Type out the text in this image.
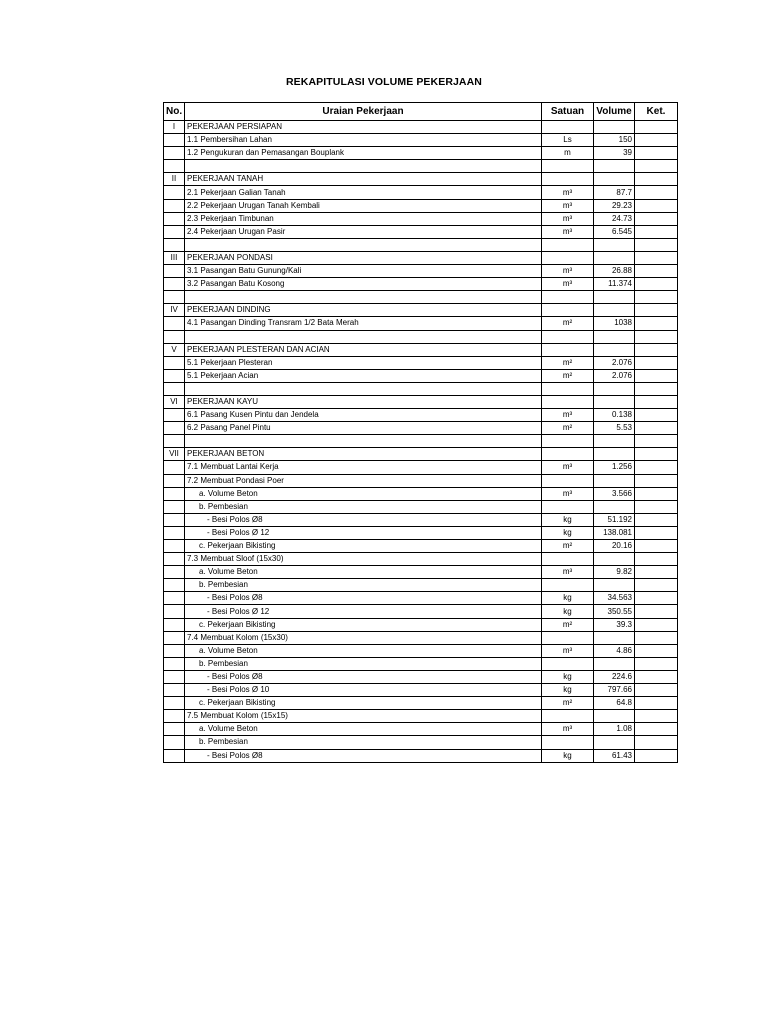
REKAPITULASI VOLUME PEKERJAAN
No.	Uraian Pekerjaan	Satuan	Volume	Ket.
I	PEKERJAAN PERSIAPAN			
	1.1 Pembersihan Lahan	Ls	150	
	1.2 Pengukuran dan Pemasangan Bouplank	m	39	

II	PEKERJAAN TANAH			
	2.1 Pekerjaan Galian Tanah	m³	87.7	
	2.2 Pekerjaan Urugan Tanah Kembali	m³	29.23	
	2.3 Pekerjaan Timbunan	m³	24.73	
	2.4 Pekerjaan Urugan Pasir	m³	6.545	

III	PEKERJAAN PONDASI			
	3.1 Pasangan Batu Gunung/Kali	m³	26.88	
	3.2 Pasangan Batu Kosong	m³	11.374	

IV	PEKERJAAN DINDING			
	4.1 Pasangan Dinding Transram 1/2 Bata Merah	m²	1038	

V	PEKERJAAN PLESTERAN DAN ACIAN			
	5.1 Pekerjaan Plesteran	m²	2.076	
	5.1 Pekerjaan Acian	m²	2.076	

VI	PEKERJAAN KAYU			
	6.1 Pasang Kusen Pintu dan Jendela	m³	0.138	
	6.2 Pasang Panel Pintu	m²	5.53	

VII	PEKERJAAN BETON			
	7.1 Membuat Lantai Kerja	m³	1.256	
	7.2 Membuat Pondasi Poer			
	a. Volume Beton	m³	3.566	
	b. Pembesian			
	- Besi Polos Ø8	kg	51.192	
	- Besi Polos Ø 12	kg	138.081	
	c. Pekerjaan Bikisting	m²	20.16	
	7.3 Membuat Sloof (15x30)			
	a. Volume Beton	m³	9.82	
	b. Pembesian			
	- Besi Polos Ø8	kg	34.563	
	- Besi Polos Ø 12	kg	350.55	
	c. Pekerjaan Bikisting	m²	39.3	
	7.4 Membuat Kolom (15x30)			
	a. Volume Beton	m³	4.86	
	b. Pembesian			
	- Besi Polos Ø8	kg	224.6	
	- Besi Polos Ø 10	kg	797.66	
	c. Pekerjaan Bikisting	m²	64.8	
	7.5 Membuat Kolom (15x15)			
	a. Volume Beton	m³	1.08	
	b. Pembesian			
	- Besi Polos Ø8	kg	61.43	
